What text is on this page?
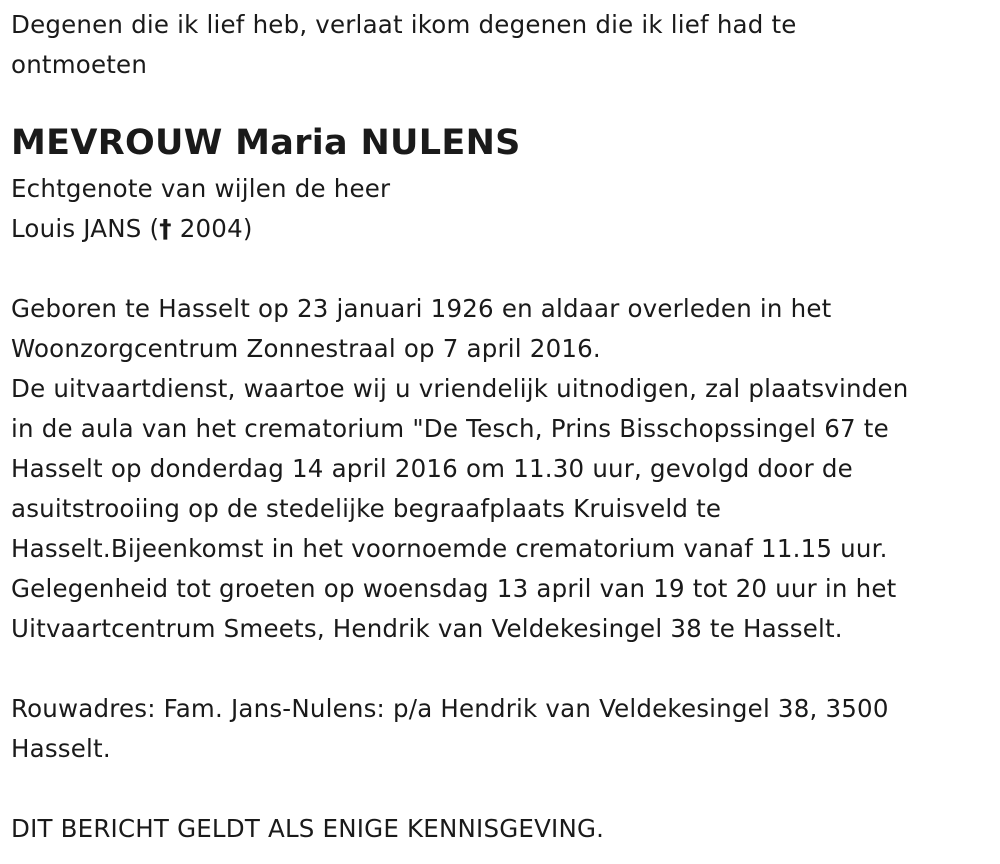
Degenen die ik lief heb, verlaat ikom degenen die ik lief had te

ontmoeten

MEVROUW Maria NULENS

Echtgenote van wijlen de heer

Louis JANS († 2004)

Geboren te Hasselt op 23 januari 1926 en aldaar overleden in het

Woonzorgcentrum Zonnestraal op 7 april 2016.

De uitvaartdienst, waartoe wij u vriendelijk uitnodigen, zal plaatsvinden

in de aula van het crematorium "De Tesch, Prins Bisschopssingel 67 te

Hasselt op donderdag 14 april 2016 om 11.30 uur, gevolgd door de

asuitstrooiing op de stedelijke begraafplaats Kruisveld te

Hasselt.Bijeenkomst in het voornoemde crematorium vanaf 11.15 uur.

Gelegenheid tot groeten op woensdag 13 april van 19 tot 20 uur in het

Uitvaartcentrum Smeets, Hendrik van Veldekesingel 38 te Hasselt.

Rouwadres: Fam. Jans-Nulens: p/a Hendrik van Veldekesingel 38, 3500

Hasselt.

DIT BERICHT GELDT ALS ENIGE KENNISGEVING.
